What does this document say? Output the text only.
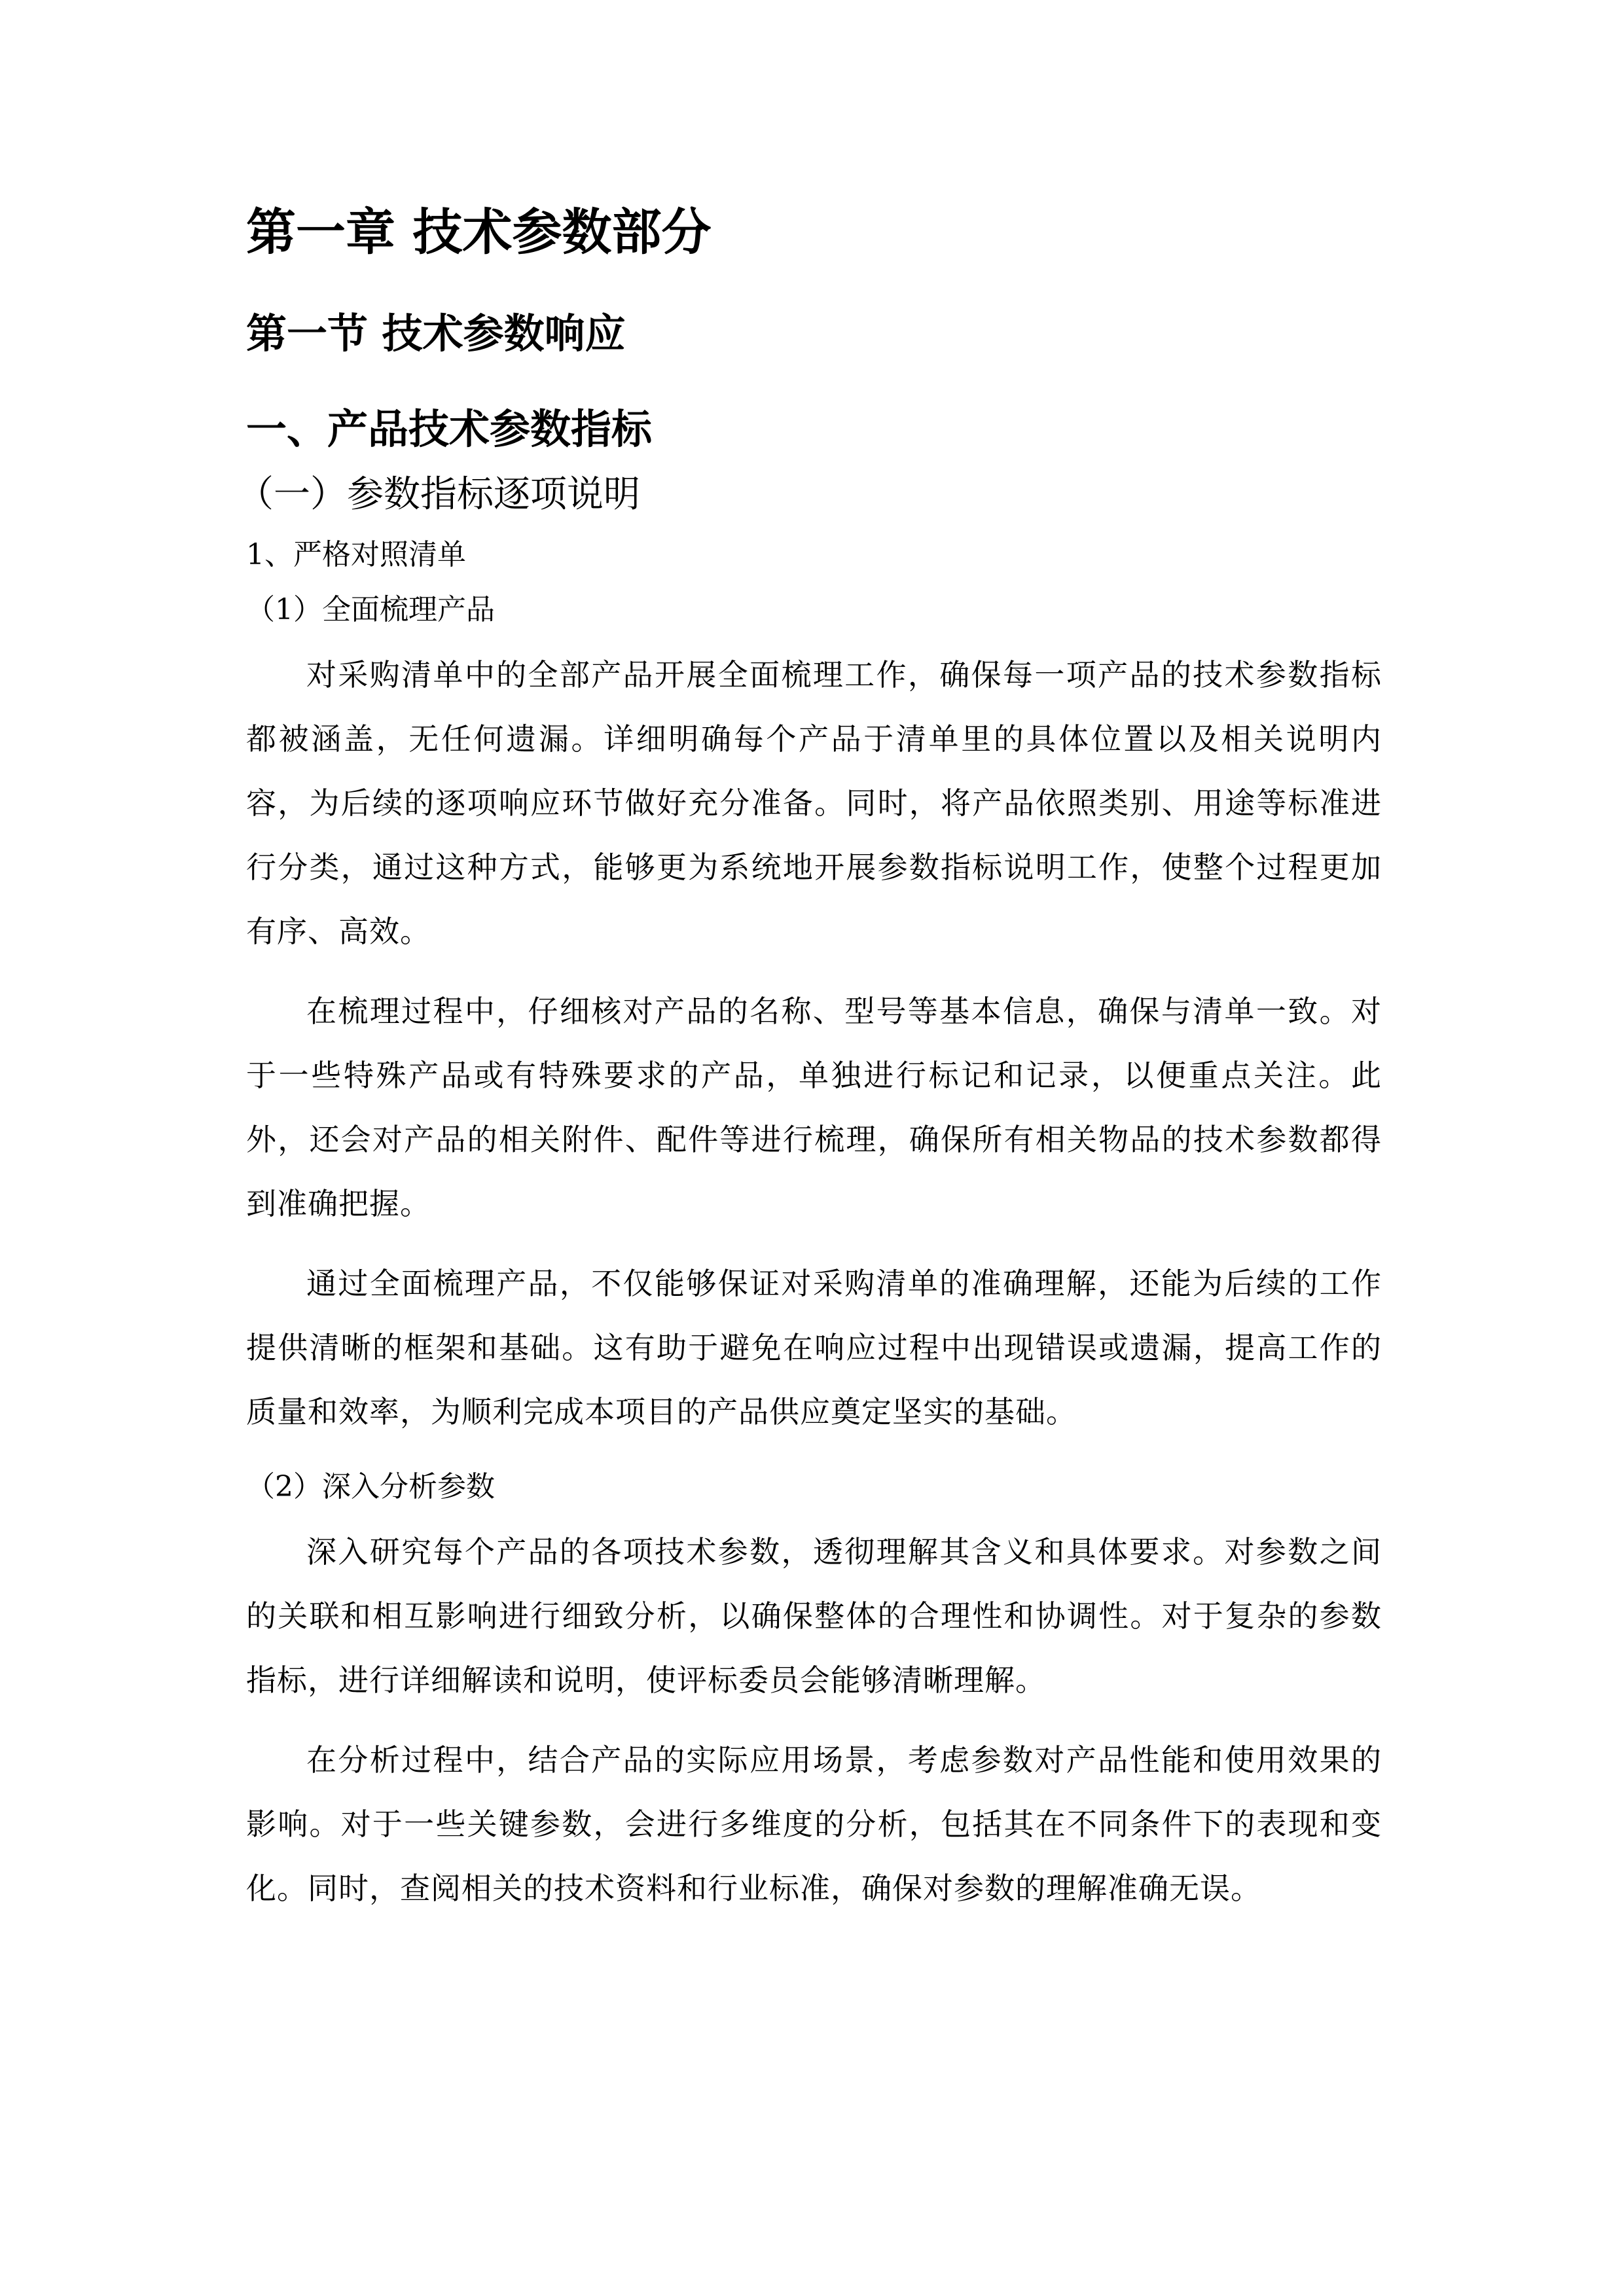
第一章 技术参数部分
第一节 技术参数响应
一、产品技术参数指标
（一）参数指标逐项说明
1、严格对照清单
（1）全面梳理产品

对采购清单中的全部产品开展全面梳理工作，确保每一项产品的技术参数指标都被涵盖，无任何遗漏。详细明确每个产品于清单里的具体位置以及相关说明内容，为后续的逐项响应环节做好充分准备。同时，将产品依照类别、用途等标准进行分类，通过这种方式，能够更为系统地开展参数指标说明工作，使整个过程更加有序、高效。

在梳理过程中，仔细核对产品的名称、型号等基本信息，确保与清单一致。对于一些特殊产品或有特殊要求的产品，单独进行标记和记录，以便重点关注。此外，还会对产品的相关附件、配件等进行梳理，确保所有相关物品的技术参数都得到准确把握。

通过全面梳理产品，不仅能够保证对采购清单的准确理解，还能为后续的工作提供清晰的框架和基础。这有助于避免在响应过程中出现错误或遗漏，提高工作的质量和效率，为顺利完成本项目的产品供应奠定坚实的基础。

（2）深入分析参数

深入研究每个产品的各项技术参数，透彻理解其含义和具体要求。对参数之间的关联和相互影响进行细致分析，以确保整体的合理性和协调性。对于复杂的参数指标，进行详细解读和说明，使评标委员会能够清晰理解。

在分析过程中，结合产品的实际应用场景，考虑参数对产品性能和使用效果的影响。对于一些关键参数，会进行多维度的分析，包括其在不同条件下的表现和变化。同时，查阅相关的技术资料和行业标准，确保对参数的理解准确无误。
